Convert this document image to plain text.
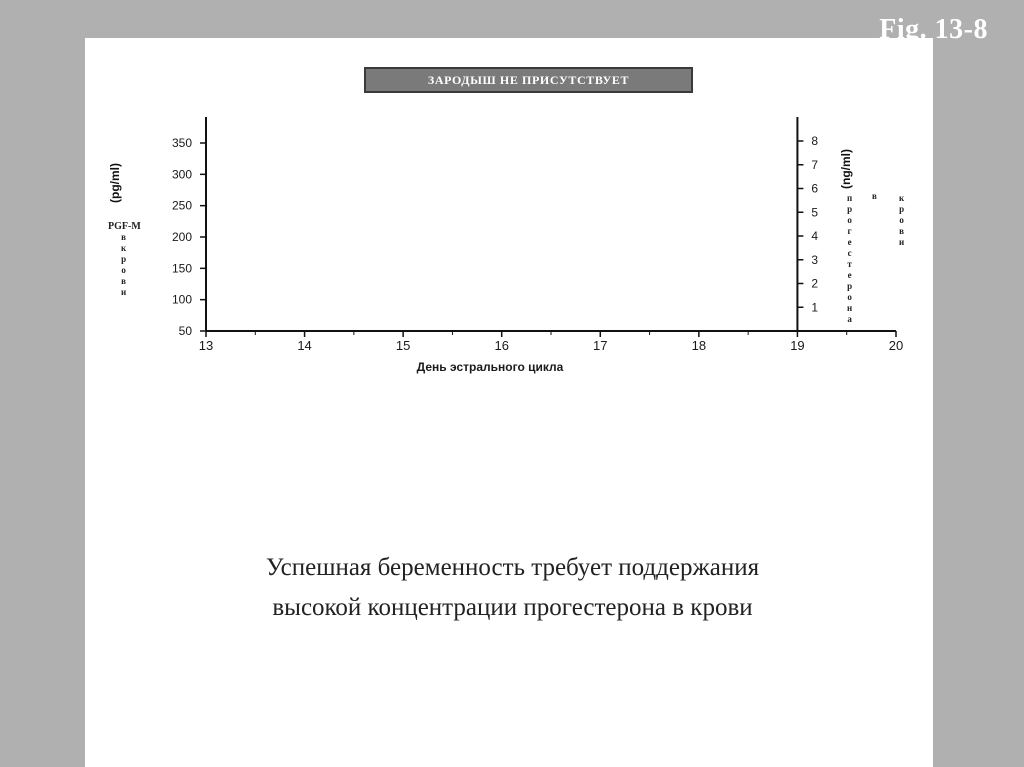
Fig. 13-8
ЗАРОДЫШ НЕ ПРИСУТСТВУЕТ
13	14	15	16	17	18	19	20
50
100
150
200
250
300
350
1
2
3
4
5
6
7
8
День эстрального цикла
(pg/ml)
PGF-M
в
к
р
о
в
и
(ng/ml)
п
р
о
г
е
с
т
е
р
о
н
а
в к
р
о
в
и
Успешная беременность требует поддержания
высокой концентрации прогестерона в крови
